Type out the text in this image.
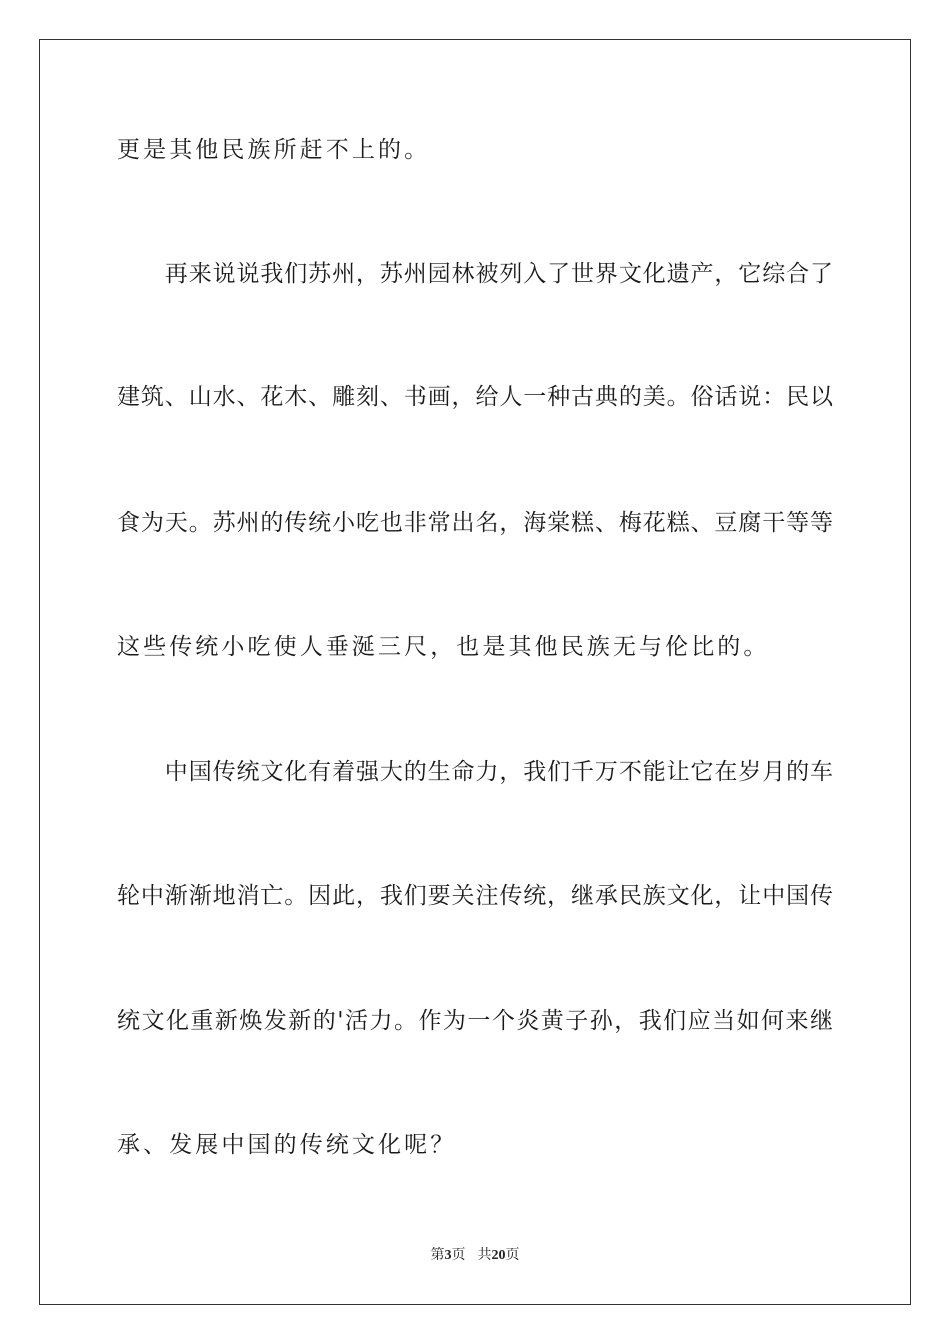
更是其他民族所赶不上的。
　　再来说说我们苏州，苏州园林被列入了世界文化遗产，它综合了
建筑、山水、花木、雕刻、书画，给人一种古典的美。俗话说：民以
食为天。苏州的传统小吃也非常出名，海棠糕、梅花糕、豆腐干等等
这些传统小吃使人垂涎三尺，也是其他民族无与伦比的。
　　中国传统文化有着强大的生命力，我们千万不能让它在岁月的车
轮中渐渐地消亡。因此，我们要关注传统，继承民族文化，让中国传
统文化重新焕发新的'活力。作为一个炎黄子孙，我们应当如何来继
承、发展中国的传统文化呢？
第3页 共20页
